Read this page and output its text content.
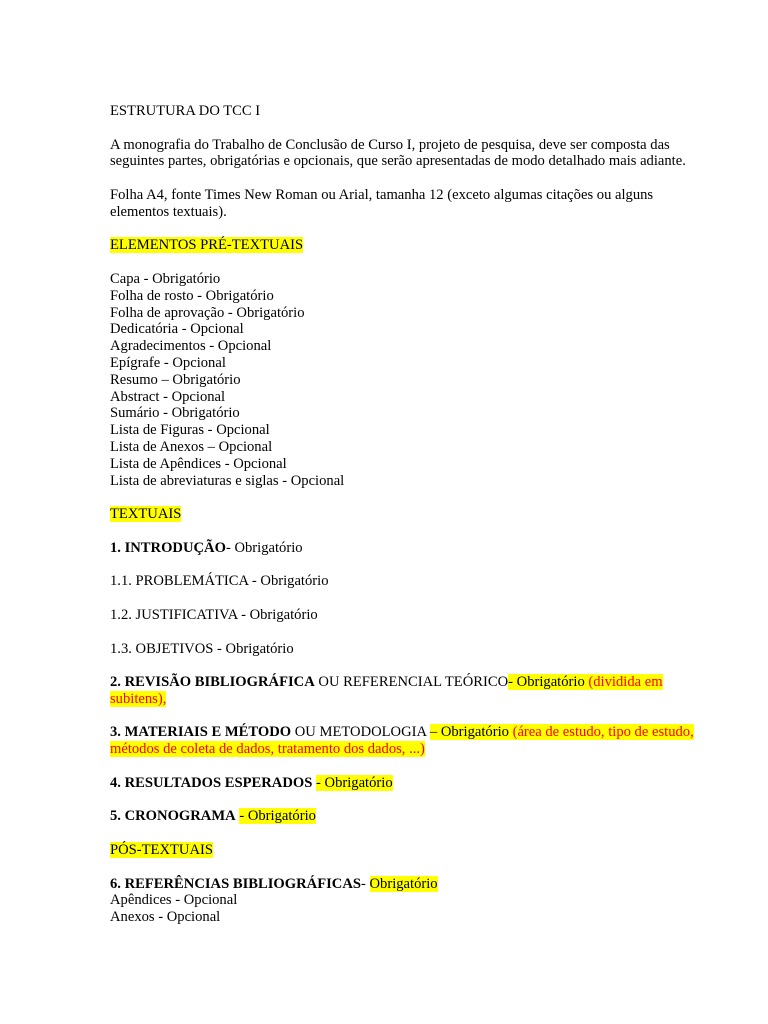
ESTRUTURA DO TCC I
A monografia do Trabalho de Conclusão de Curso I, projeto de pesquisa, deve ser composta das seguintes partes, obrigatórias e opcionais, que serão apresentadas de modo detalhado mais adiante.
Folha A4, fonte Times New Roman ou Arial, tamanha 12 (exceto algumas citações ou alguns elementos textuais).
ELEMENTOS PRÉ-TEXTUAIS
Capa - Obrigatório
Folha de rosto - Obrigatório
Folha de aprovação - Obrigatório
Dedicatória - Opcional
Agradecimentos - Opcional
Epígrafe - Opcional
Resumo – Obrigatório
Abstract - Opcional
Sumário - Obrigatório
Lista de Figuras - Opcional
Lista de Anexos – Opcional
Lista de Apêndices - Opcional
Lista de abreviaturas e siglas - Opcional
TEXTUAIS
1. INTRODUÇÃO- Obrigatório
1.1. PROBLEMÁTICA - Obrigatório
1.2. JUSTIFICATIVA - Obrigatório
1.3. OBJETIVOS - Obrigatório
2. REVISÃO BIBLIOGRÁFICA OU REFERENCIAL TEÓRICO- Obrigatório (dividida em subitens),
3. MATERIAIS E MÉTODO OU METODOLOGIA – Obrigatório (área de estudo, tipo de estudo, métodos de coleta de dados, tratamento dos dados, ...)
4. RESULTADOS ESPERADOS - Obrigatório
5. CRONOGRAMA - Obrigatório
PÓS-TEXTUAIS
6. REFERÊNCIAS BIBLIOGRÁFICAS- Obrigatório
Apêndices - Opcional
Anexos - Opcional
